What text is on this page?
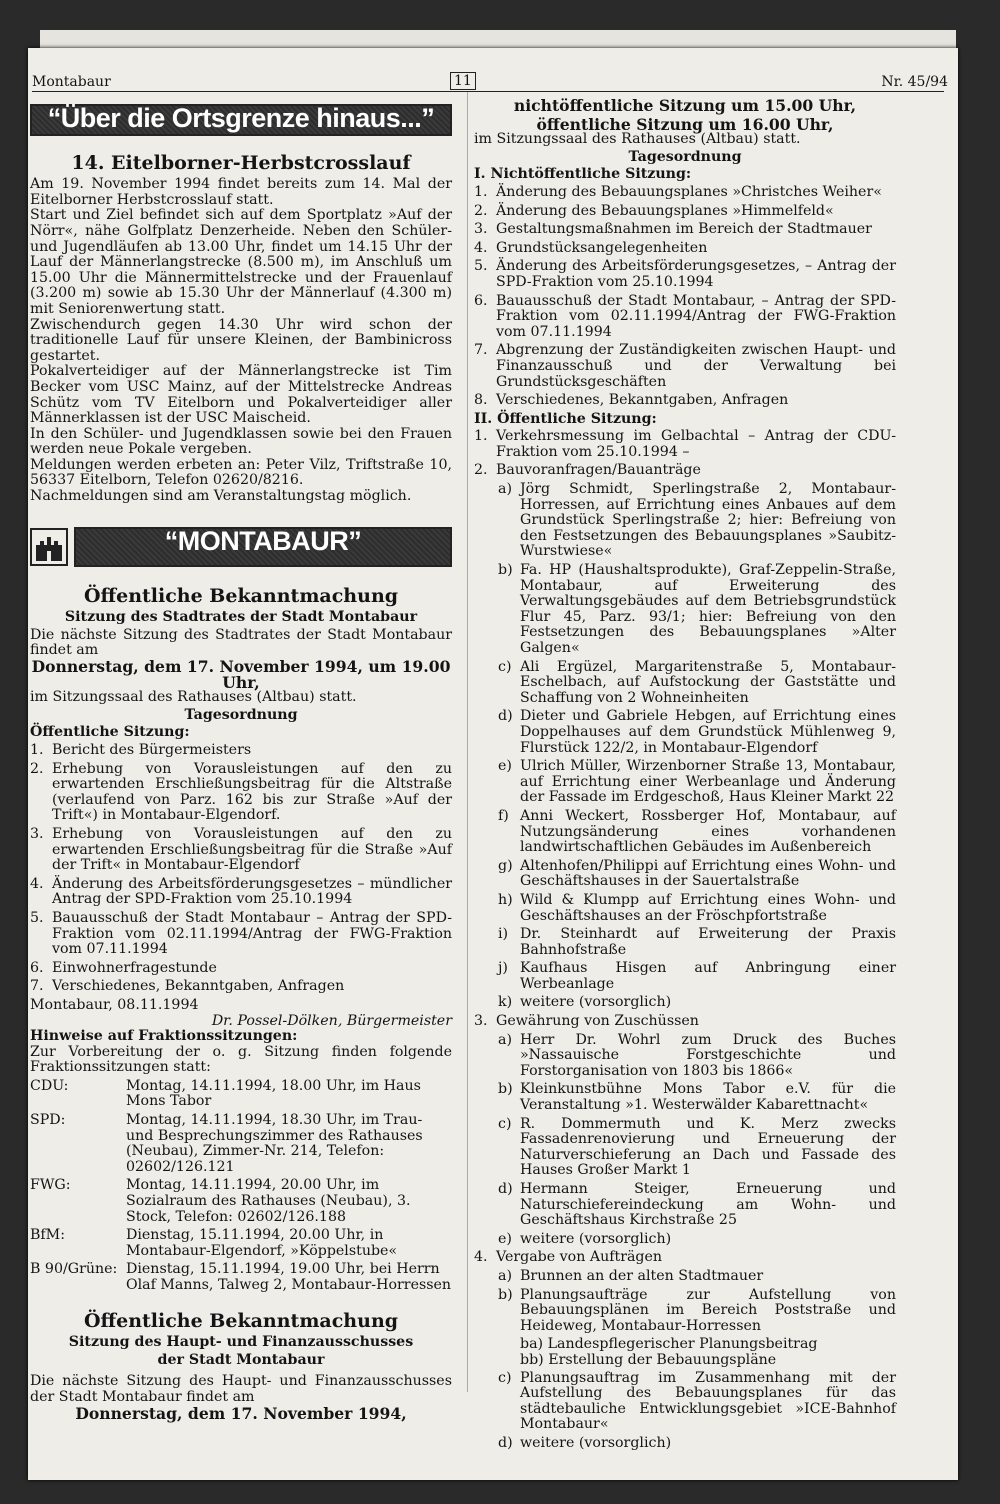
Montabaur	11	Nr. 45/94
“Über die Ortsgrenze hinaus...”
14. Eitelborner-Herbstcrosslauf

Am 19. November 1994 findet bereits zum 14. Mal der Eitelborner Herbstcrosslauf statt.

Start und Ziel befindet sich auf dem Sportplatz »Auf der Nörr«, nähe Golfplatz Denzerheide. Neben den Schüler- und Jugendläufen ab 13.00 Uhr, findet um 14.15 Uhr der Lauf der Männerlangstrecke (8.500 m), im Anschluß um 15.00 Uhr die Männermittelstrecke und der Frauenlauf (3.200 m) sowie ab 15.30 Uhr der Männerlauf (4.300 m) mit Seniorenwertung statt.

Zwischendurch gegen 14.30 Uhr wird schon der traditionelle Lauf für unsere Kleinen, der Bambinicross gestartet.

Pokalverteidiger auf der Männerlangstrecke ist Tim Becker vom USC Mainz, auf der Mittelstrecke Andreas Schütz vom TV Eitelborn und Pokalverteidiger aller Männerklassen ist der USC Maischeid.

In den Schüler- und Jugendklassen sowie bei den Frauen werden neue Pokale vergeben.

Meldungen werden erbeten an: Peter Vilz, Triftstraße 10, 56337 Eitelborn, Telefon 02620/8216.

Nachmeldungen sind am Veranstaltungstag möglich.

“MONTABAUR”
Öffentliche Bekanntmachung
Sitzung des Stadtrates der Stadt Montabaur

Die nächste Sitzung des Stadtrates der Stadt Montabaur findet am

Donnerstag, dem 17. November 1994, um 19.00 Uhr,

im Sitzungssaal des Rathauses (Altbau) statt.

Tagesordnung

Öffentliche Sitzung:

1. Bericht des Bürgermeisters
2. Erhebung von Vorausleistungen auf den zu erwartenden Erschließungsbeitrag für die Altstraße (verlaufend von Parz. 162 bis zur Straße »Auf der Trift«) in Montabaur-Elgendorf.
3. Erhebung von Vorausleistungen auf den zu erwartenden Erschließungsbeitrag für die Straße »Auf der Trift« in Montabaur-Elgendorf
4. Änderung des Arbeitsförderungsgesetzes – mündlicher Antrag der SPD-Fraktion vom 25.10.1994
5. Bauausschuß der Stadt Montabaur – Antrag der SPD-Fraktion vom 02.11.1994/Antrag der FWG-Fraktion vom 07.11.1994
6. Einwohnerfragestunde
7. Verschiedenes, Bekanntgaben, Anfragen

Montabaur, 08.11.1994

Dr. Possel-Dölken, Bürgermeister

Hinweise auf Fraktionssitzungen:

Zur Vorbereitung der o. g. Sitzung finden folgende Fraktionssitzungen statt:

CDU:	Montag, 14.11.1994, 18.00 Uhr, im Haus Mons Tabor
SPD:	Montag, 14.11.1994, 18.30 Uhr, im Trau- und Besprechungszimmer des Rathauses (Neubau), Zimmer-Nr. 214, Telefon: 02602/126.121
FWG:	Montag, 14.11.1994, 20.00 Uhr, im Sozialraum des Rathauses (Neubau), 3. Stock, Telefon: 02602/126.188
BfM:	Dienstag, 15.11.1994, 20.00 Uhr, in Montabaur-Elgendorf, »Köppelstube«
B 90/Grüne: Dienstag, 15.11.1994, 19.00 Uhr, bei Herrn Olaf Manns, Talweg 2, Montabaur-Horressen
Öffentliche Bekanntmachung
Sitzung des Haupt- und Finanzausschusses
der Stadt Montabaur

Die nächste Sitzung des Haupt- und Finanzausschusses der Stadt Montabaur findet am

Donnerstag, dem 17. November 1994,

nichtöffentliche Sitzung um 15.00 Uhr,

öffentliche Sitzung um 16.00 Uhr,

im Sitzungssaal des Rathauses (Altbau) statt.

Tagesordnung

I. Nichtöffentliche Sitzung:

1. Änderung des Bebauungsplanes »Christches Weiher«
2. Änderung des Bebauungsplanes »Himmelfeld«
3. Gestaltungsmaßnahmen im Bereich der Stadtmauer
4. Grundstücksangelegenheiten
5. Änderung des Arbeitsförderungsgesetzes, – Antrag der SPD-Fraktion vom 25.10.1994
6. Bauausschuß der Stadt Montabaur, – Antrag der SPD-Fraktion vom 02.11.1994/Antrag der FWG-Fraktion vom 07.11.1994
7. Abgrenzung der Zuständigkeiten zwischen Haupt- und Finanzausschuß und der Verwaltung bei Grundstücksgeschäften
8. Verschiedenes, Bekanntgaben, Anfragen

II. Öffentliche Sitzung:

1. Verkehrsmessung im Gelbachtal – Antrag der CDU-Fraktion vom 25.10.1994 –
2. Bauvoranfragen/Bauanträge
a) Jörg Schmidt, Sperlingstraße 2, Montabaur-Horressen, auf Errichtung eines Anbaues auf dem Grundstück Sperlingstraße 2; hier: Befreiung von den Festsetzungen des Bebauungsplanes »Saubitz-Wurstwiese«
b) Fa. HP (Haushaltsprodukte), Graf-Zeppelin-Straße, Montabaur, auf Erweiterung des Verwaltungsgebäudes auf dem Betriebsgrundstück Flur 45, Parz. 93/1; hier: Befreiung von den Festsetzungen des Bebauungsplanes »Alter Galgen«
c) Ali Ergüzel, Margaritenstraße 5, Montabaur-Eschelbach, auf Aufstockung der Gaststätte und Schaffung von 2 Wohneinheiten
d) Dieter und Gabriele Hebgen, auf Errichtung eines Doppelhauses auf dem Grundstück Mühlenweg 9, Flurstück 122/2, in Montabaur-Elgendorf
e) Ulrich Müller, Wirzenborner Straße 13, Montabaur, auf Errichtung einer Werbeanlage und Änderung der Fassade im Erdgeschoß, Haus Kleiner Markt 22
f) Anni Weckert, Rossberger Hof, Montabaur, auf Nutzungsänderung eines vorhandenen landwirtschaftlichen Gebäudes im Außenbereich
g) Altenhofen/Philippi auf Errichtung eines Wohn- und Geschäftshauses in der Sauertalstraße
h) Wild & Klumpp auf Errichtung eines Wohn- und Geschäftshauses an der Fröschpfortstraße
i) Dr. Steinhardt auf Erweiterung der Praxis Bahnhofstraße
j) Kaufhaus Hisgen auf Anbringung einer Werbeanlage
k) weitere (vorsorglich)
3. Gewährung von Zuschüssen
a) Herr Dr. Wohrl zum Druck des Buches »Nassauische Forstgeschichte und Forstorganisation von 1803 bis 1866«
b) Kleinkunstbühne Mons Tabor e.V. für die Veranstaltung »1. Westerwälder Kabarettnacht«
c) R. Dommermuth und K. Merz zwecks Fassadenrenovierung und Erneuerung der Naturverschieferung an Dach und Fassade des Hauses Großer Markt 1
d) Hermann Steiger, Erneuerung und Naturschiefereindeckung am Wohn- und Geschäftshaus Kirchstraße 25
e) weitere (vorsorglich)
4. Vergabe von Aufträgen
a) Brunnen an der alten Stadtmauer
b) Planungsaufträge zur Aufstellung von Bebauungsplänen im Bereich Poststraße und Heideweg, Montabaur-Horressen

ba) Landespflegerischer Planungsbeitrag

bb) Erstellung der Bebauungspläne

c) Planungsauftrag im Zusammenhang mit der Aufstellung des Bebauungsplanes für das städtebauliche Entwicklungsgebiet »ICE-Bahnhof Montabaur«
d) weitere (vorsorglich)
